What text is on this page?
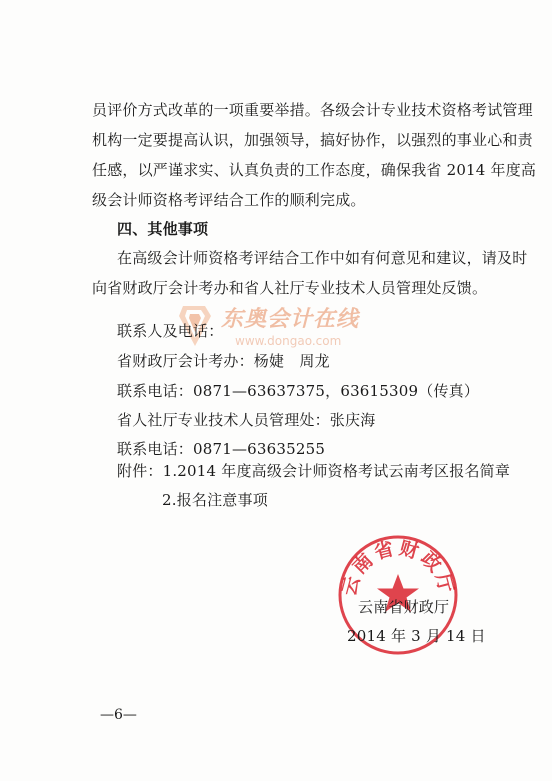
员评价方式改革的一项重要举措。各级会计专业技术资格考试管理
机构一定要提高认识，加强领导，搞好协作，以强烈的事业心和责
任感，以严谨求实、认真负责的工作态度，确保我省 2014 年度高
级会计师资格考评结合工作的顺利完成。
四、其他事项
在高级会计师资格考评结合工作中如有何意见和建议，请及时
向省财政厅会计考办和省人社厅专业技术人员管理处反馈。
东奥会计在线
www.dongao.com
联系人及电话：
省财政厅会计考办：杨婕　周龙
联系电话：0871—63637375，63615309（传真）
省人社厅专业技术人员管理处：张庆海
联系电话：0871—63635255
附件：1.2014 年度高级会计师资格考试云南考区报名简章
2.报名注意事项
云南省财政厅
云南省财政厅
2014 年 3 月 14 日
—6—
